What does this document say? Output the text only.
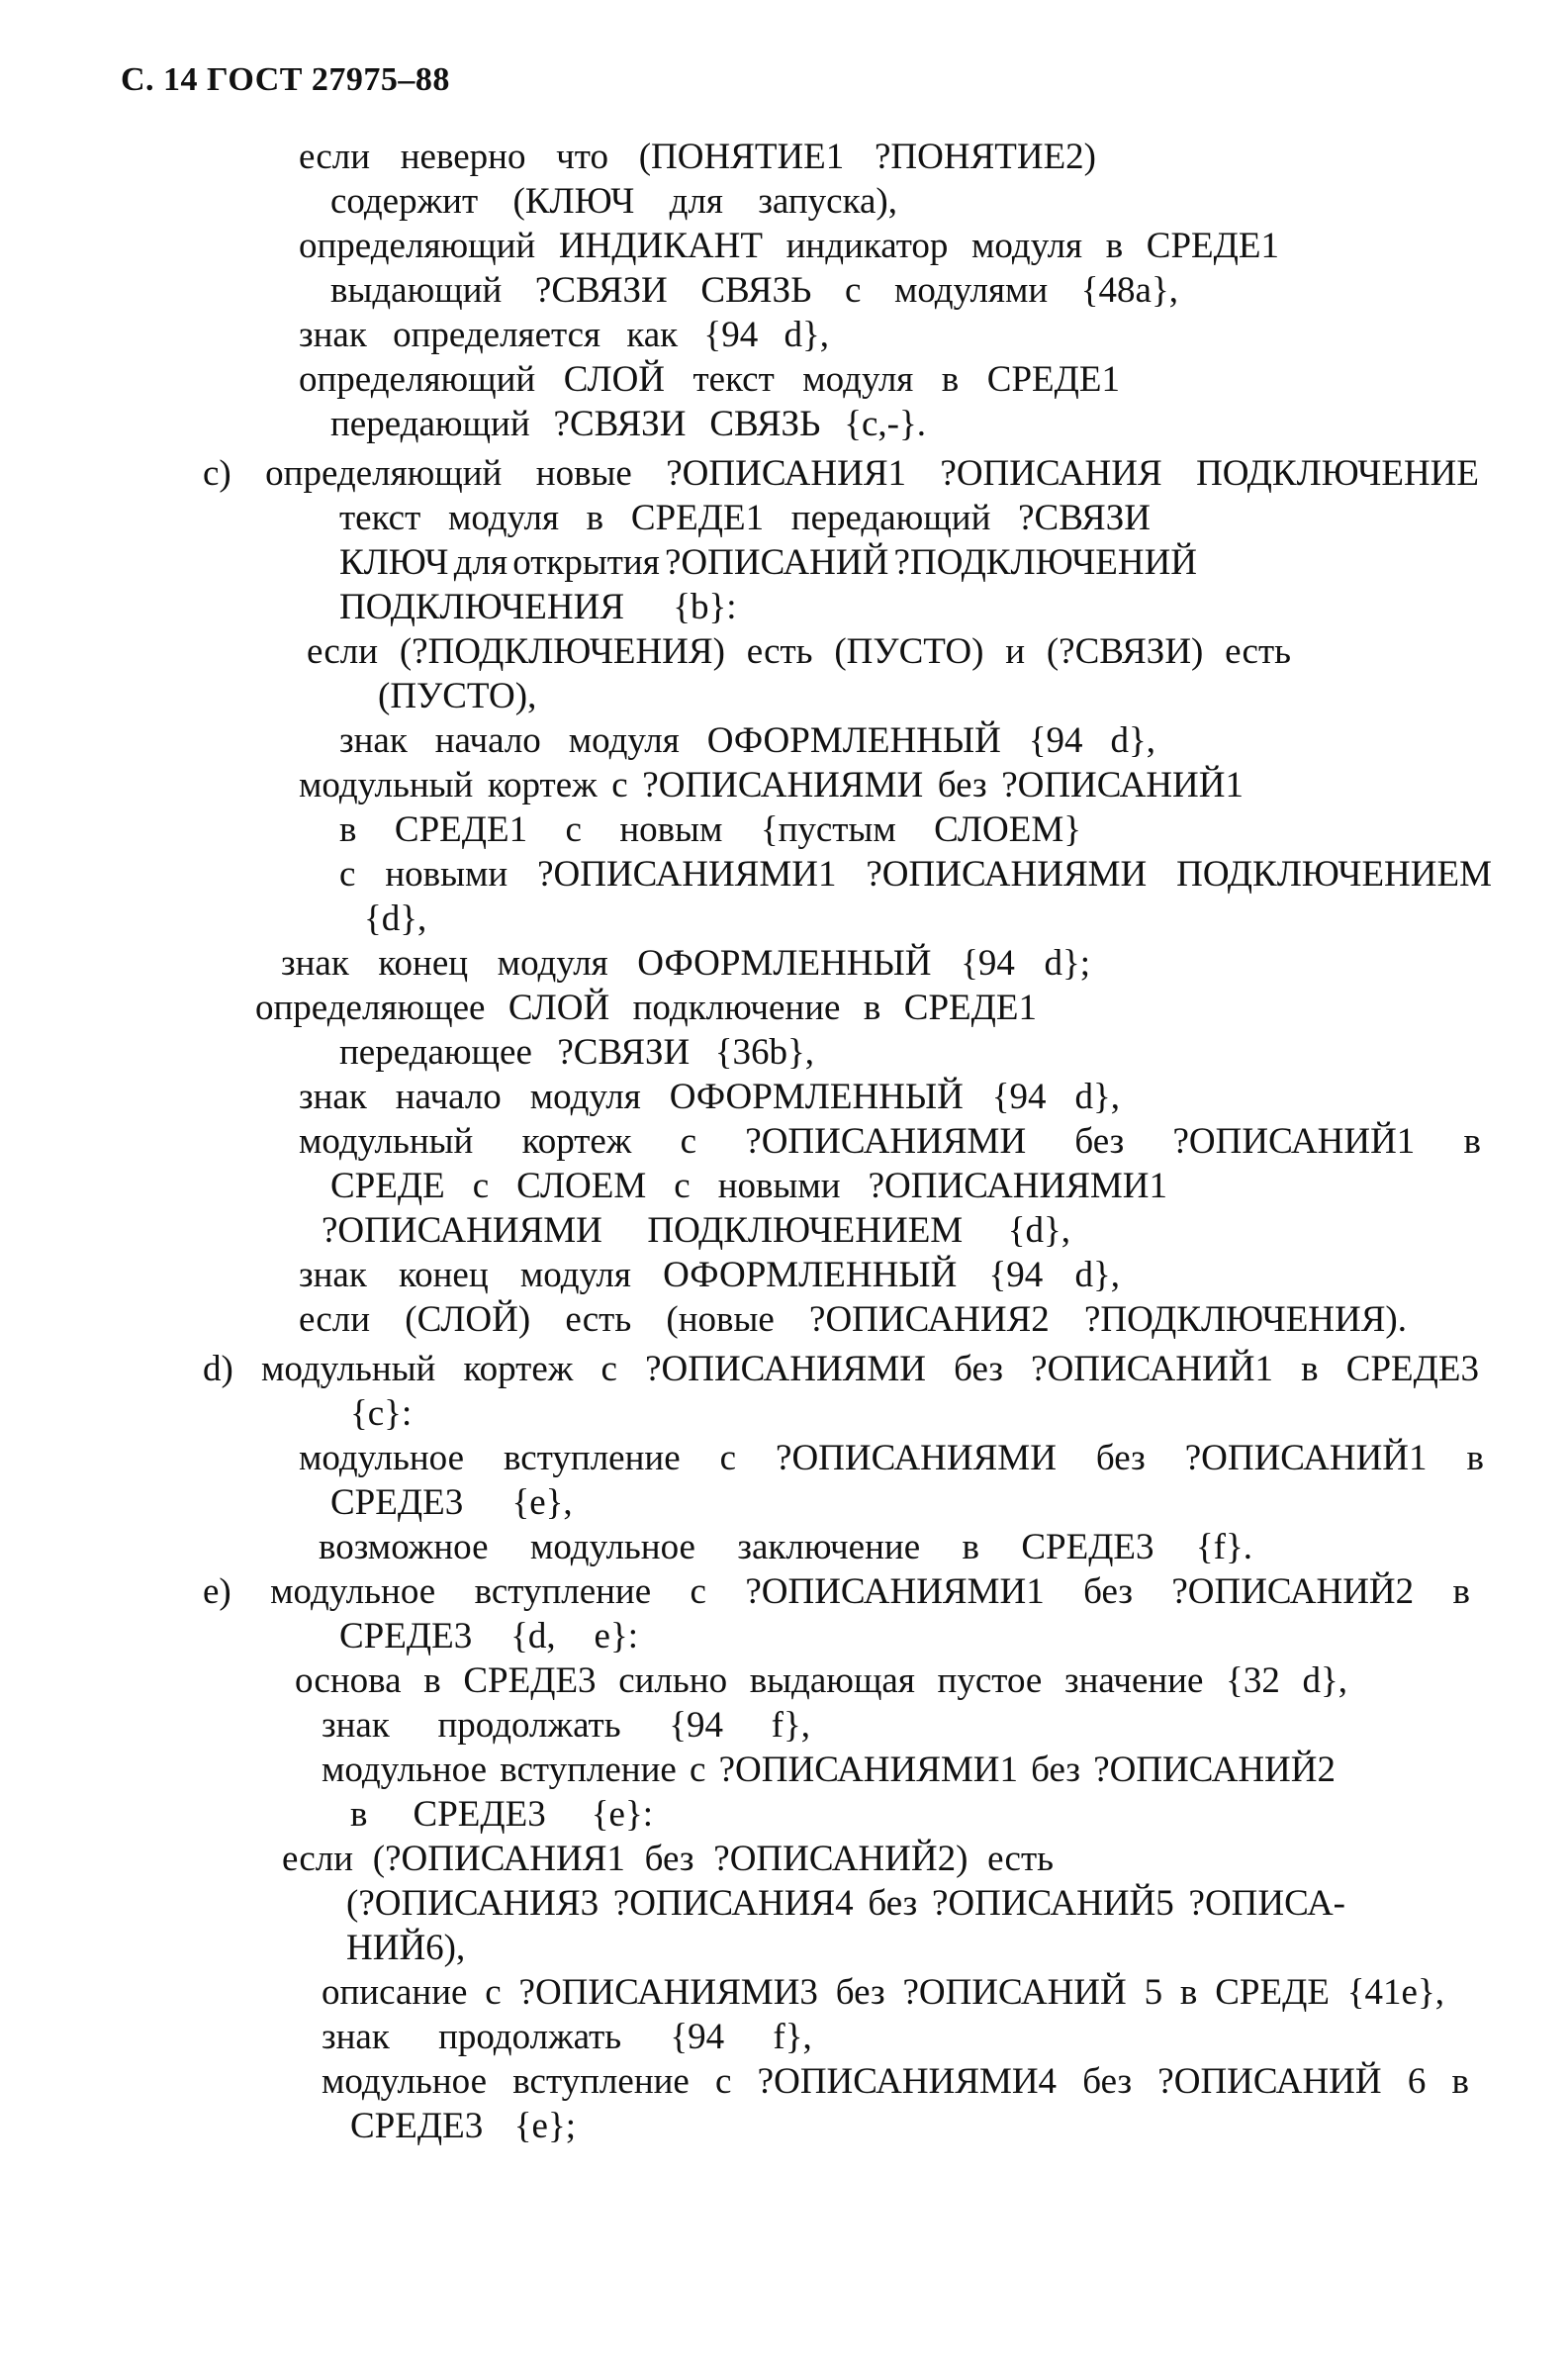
С. 14 ГОСТ 27975–88
если неверно что (ПОНЯТИЕ1 ?ПОНЯТИЕ2)
содержит (КЛЮЧ для запуска),
определяющий ИНДИКАНТ индикатор модуля в СРЕДЕ1
выдающий ?СВЯЗИ СВЯЗЬ с модулями {48а},
знак определяется как {94 d},
определяющий СЛОЙ текст модуля в СРЕДЕ1
передающий ?СВЯЗИ СВЯЗЬ {с,-}.
с) определяющий новые ?ОПИСАНИЯ1 ?ОПИСАНИЯ ПОДКЛЮЧЕНИЕ
текст модуля в СРЕДЕ1 передающий ?СВЯЗИ
КЛЮЧ для открытия ?ОПИСАНИЙ ?ПОДКЛЮЧЕНИЙ
ПОДКЛЮЧЕНИЯ {b}:
если (?ПОДКЛЮЧЕНИЯ) есть (ПУСТО) и (?СВЯЗИ) есть
(ПУСТО),
знак начало модуля ОФОРМЛЕННЫЙ {94 d},
модульный кортеж с ?ОПИСАНИЯМИ без ?ОПИСАНИЙ1
в СРЕДЕ1 с новым {пустым СЛОЕМ}
с новыми ?ОПИСАНИЯМИ1 ?ОПИСАНИЯМИ ПОДКЛЮЧЕНИЕМ
{d},
знак конец модуля ОФОРМЛЕННЫЙ {94 d};
определяющее СЛОЙ подключение в СРЕДЕ1
передающее ?СВЯЗИ {36b},
знак начало модуля ОФОРМЛЕННЫЙ {94 d},
модульный кортеж с ?ОПИСАНИЯМИ без ?ОПИСАНИЙ1 в
СРЕДЕ с СЛОЕМ с новыми ?ОПИСАНИЯМИ1
?ОПИСАНИЯМИ ПОДКЛЮЧЕНИЕМ {d},
знак конец модуля ОФОРМЛЕННЫЙ {94 d},
если (СЛОЙ) есть (новые ?ОПИСАНИЯ2 ?ПОДКЛЮЧЕНИЯ).
d) модульный кортеж с ?ОПИСАНИЯМИ без ?ОПИСАНИЙ1 в СРЕДЕ3
{с}:
модульное вступление с ?ОПИСАНИЯМИ без ?ОПИСАНИЙ1 в
СРЕДЕ3 {е},
возможное модульное заключение в СРЕДЕ3 {f}.
е) модульное вступление с ?ОПИСАНИЯМИ1 без ?ОПИСАНИЙ2 в
СРЕДЕ3 {d, е}:
основа в СРЕДЕ3 сильно выдающая пустое значение {32 d},
знак продолжать {94 f},
модульное вступление с ?ОПИСАНИЯМИ1 без ?ОПИСАНИЙ2
в СРЕДЕ3 {е}:
если (?ОПИСАНИЯ1 без ?ОПИСАНИЙ2) есть
(?ОПИСАНИЯ3 ?ОПИСАНИЯ4 без ?ОПИСАНИЙ5 ?ОПИСА-
НИЙ6),
описание с ?ОПИСАНИЯМИ3 без ?ОПИСАНИЙ 5 в СРЕДЕ {41е},
знак продолжать {94 f},
модульное вступление с ?ОПИСАНИЯМИ4 без ?ОПИСАНИЙ 6 в
СРЕДЕ3 {е};
